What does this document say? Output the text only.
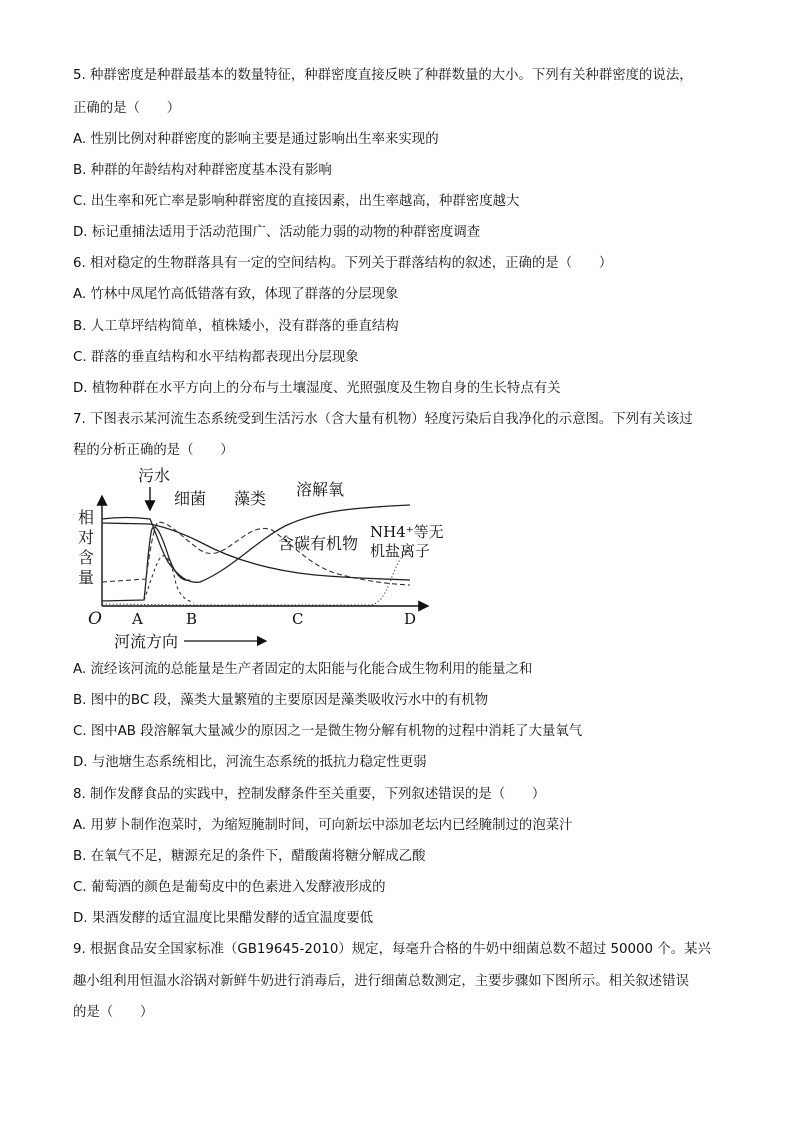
5. 种群密度是种群最基本的数量特征，种群密度直接反映了种群数量的大小。下列有关种群密度的说法，
正确的是（　　）
A. 性别比例对种群密度的影响主要是通过影响出生率来实现的
B. 种群的年龄结构对种群密度基本没有影响
C. 出生率和死亡率是影响种群密度的直接因素，出生率越高，种群密度越大
D. 标记重捕法适用于活动范围广、活动能力弱的动物的种群密度调查
6. 相对稳定的生物群落具有一定的空间结构。下列关于群落结构的叙述，正确的是（　　）
A. 竹林中凤尾竹高低错落有致，体现了群落的分层现象
B. 人工草坪结构简单，植株矮小，没有群落的垂直结构
C. 群落的垂直结构和水平结构都表现出分层现象
D. 植物种群在水平方向上的分布与土壤湿度、光照强度及生物自身的生长特点有关
7. 下图表示某河流生态系统受到生活污水（含大量有机物）轻度污染后自我净化的示意图。下列有关该过
程的分析正确的是（　　）
污水
细菌 藻类 溶解氧
含碳有机物
NH4⁺等无
机盐离子
相对含量
O A	B	C	D
河流方向
A. 流经该河流的总能量是生产者固定的太阳能与化能合成生物利用的能量之和
B. 图中的BC 段，藻类大量繁殖的主要原因是藻类吸收污水中的有机物
C. 图中AB 段溶解氧大量减少的原因之一是微生物分解有机物的过程中消耗了大量氧气
D. 与池塘生态系统相比，河流生态系统的抵抗力稳定性更弱
8. 制作发酵食品的实践中，控制发酵条件至关重要，下列叙述错误的是（　　）
A. 用萝卜制作泡菜时，为缩短腌制时间，可向新坛中添加老坛内已经腌制过的泡菜汁
B. 在氧气不足，糖源充足的条件下，醋酸菌将糖分解成乙酸
C. 葡萄酒的颜色是葡萄皮中的色素进入发酵液形成的
D. 果酒发酵的适宜温度比果醋发酵的适宜温度要低
9. 根据食品安全国家标准（GB19645-2010）规定，每毫升合格的牛奶中细菌总数不超过 50000 个。某兴
趣小组利用恒温水浴锅对新鲜牛奶进行消毒后，进行细菌总数测定，主要步骤如下图所示。相关叙述错误
的是（　　）
